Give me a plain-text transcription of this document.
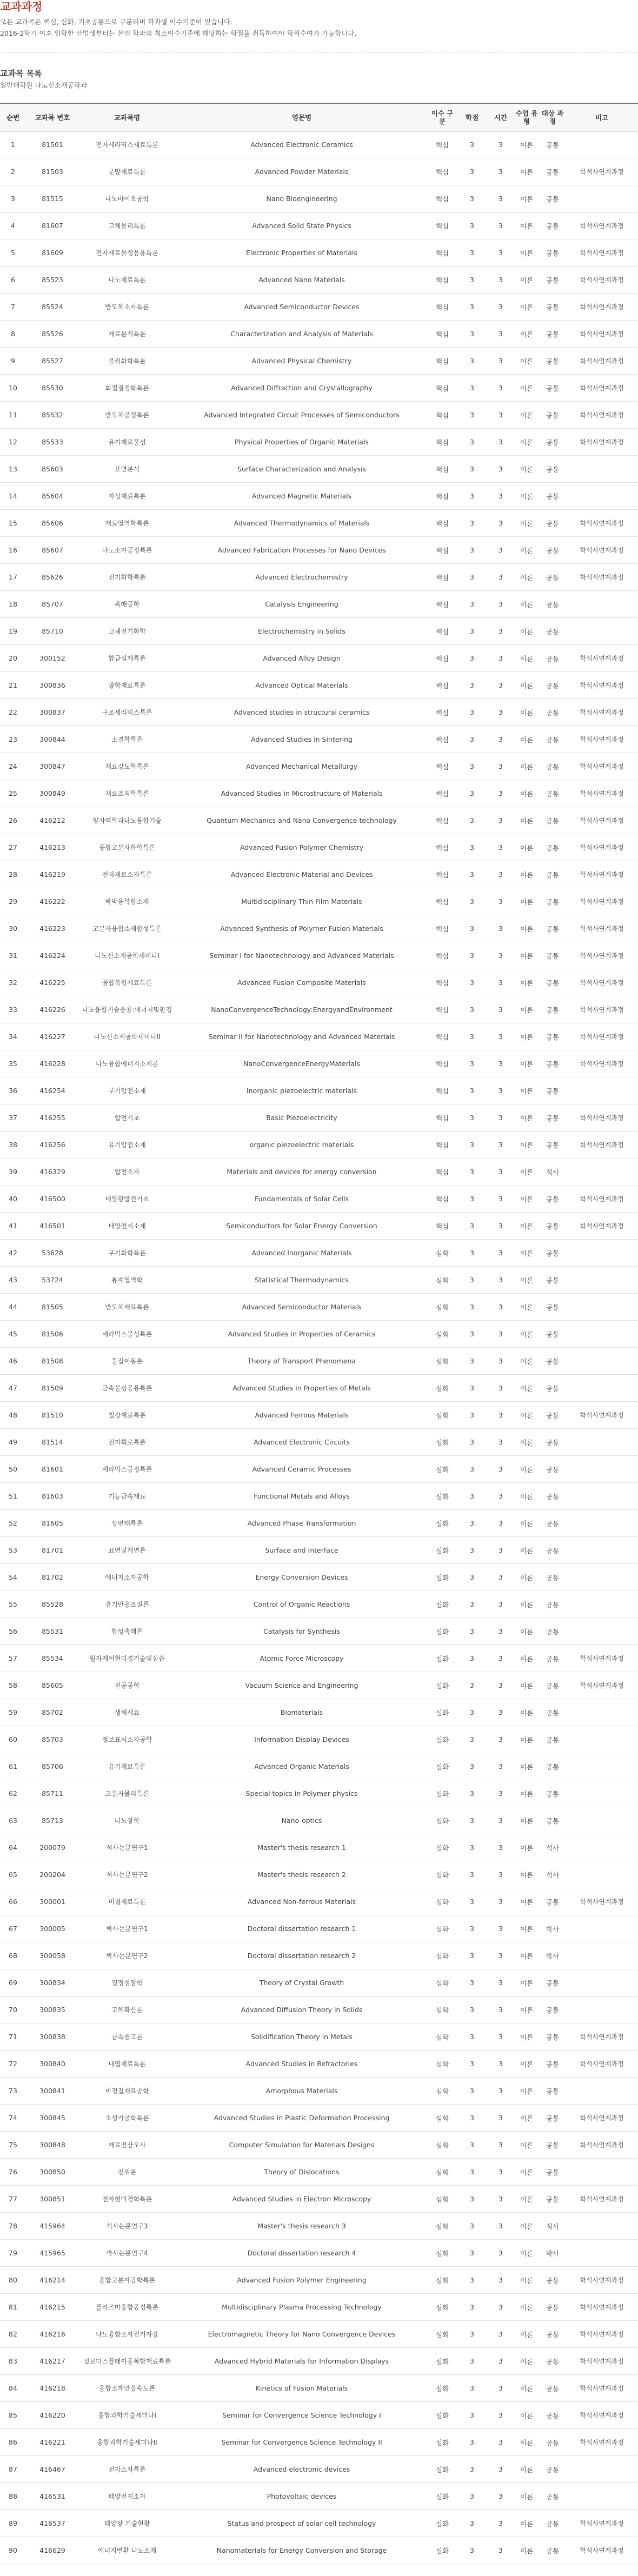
교과과정

모든 교과목은 핵심, 심화, 기초공통으로 구분되며 학과별 이수기준이 있습니다.

2016-2학기 이후 입학한 산업생부터는 본인 학과의 최소이수기준에 해당하는 학점을 취득하여야 학위수여가 가능합니다.

교과목 목록
일반대학원 나노신소재공학과
순번	교과목 번호	교과목명	영문명	이수 구분	학점	시간	수업 유형	대상 과정	비고
1	81501	전자세라믹스재료특론	Advanced Electronic Ceramics	핵심	3	3	이론	공통	
2	81503	분말재료특론	Advanced Powder Materials	핵심	3	3	이론	공통	학석사연계과정
3	81515	나노바이오공학	Nano Bioengineering	핵심	3	3	이론	공통	
4	81607	고체물리특론	Advanced Solid State Physics	핵심	3	3	이론	공통	학석사연계과정
5	81609	전자재료물성응용특론	Electronic Properties of Materials	핵심	3	3	이론	공통	학석사연계과정
6	85523	나노재료특론	Advanced Nano Materials	핵심	3	3	이론	공통	학석사연계과정
7	85524	반도체소자특론	Advanced Semiconductor Devices	핵심	3	3	이론	공통	학석사연계과정
8	85526	재료분석특론	Characterization and Analysis of Materials	핵심	3	3	이론	공통	학석사연계과정
9	85527	물리화학특론	Advanced Physical Chemistry	핵심	3	3	이론	공통	학석사연계과정
10	85530	회절결정학특론	Advanced Diffraction and Crystallography	핵심	3	3	이론	공통	학석사연계과정
11	85532	반도체공정특론	Advanced Integrated Circuit Processes of Semiconductors	핵심	3	3	이론	공통	학석사연계과정
12	85533	유기재료물성	Physical Properties of Organic Materials	핵심	3	3	이론	공통	학석사연계과정
13	85603	표면분석	Surface Characterization and Analysis	핵심	3	3	이론	공통	
14	85604	자성재료특론	Advanced Magnetic Materials	핵심	3	3	이론	공통	
15	85606	재료열역학특론	Advanced Thermodynamics of Materials	핵심	3	3	이론	공통	학석사연계과정
16	85607	나노소자공정특론	Advanced Fabrication Processes for Nano Devices	핵심	3	3	이론	공통	학석사연계과정
17	85626	전기화학특론	Advanced Electrochemistry	핵심	3	3	이론	공통	학석사연계과정
18	85707	촉매공학	Catalysis Engineering	핵심	3	3	이론	공통	
19	85710	고체전기화학	Electrochemistry in Solids	핵심	3	3	이론	공통	
20	300152	합금설계특론	Advanced Alloy Design	핵심	3	3	이론	공통	학석사연계과정
21	300836	광학재료특론	Advanced Optical Materials	핵심	3	3	이론	공통	학석사연계과정
22	300837	구조세라믹스특론	Advanced studies in structural ceramics	핵심	3	3	이론	공통	학석사연계과정
23	300844	소결학특론	Advanced Studies in Sintering	핵심	3	3	이론	공통	학석사연계과정
24	300847	재료강도학특론	Advanced Mechanical Metallurgy	핵심	3	3	이론	공통	학석사연계과정
25	300849	재료조직학특론	Advanced Studies in Microstructure of Materials	핵심	3	3	이론	공통	학석사연계과정
26	416212	양자역학과나노융합기술	Quantum Mechanics and Nano Convergence technology	핵심	3	3	이론	공통	학석사연계과정
27	416213	융합고분자화학특론	Advanced Fusion Polymer Chemistry	핵심	3	3	이론	공통	학석사연계과정
28	416219	전자재료소자특론	Advanced Electronic Material and Devices	핵심	3	3	이론	공통	학석사연계과정
29	416222	박막융복합소재	Multidisciplinary Thin Film Materials	핵심	3	3	이론	공통	학석사연계과정
30	416223	고분자융합소재합성특론	Advanced Synthesis of Polymer Fusion Materials	핵심	3	3	이론	공통	학석사연계과정
31	416224	나노신소재공학세미나I	Seminar I for Nanotechnology and Advanced Materials	핵심	3	3	이론	공통	학석사연계과정
32	416225	융합복합재료특론	Advanced Fusion Composite Materials	핵심	3	3	이론	공통	학석사연계과정
33	416226	나노융합기술응용:에너지및환경	NanoConvergenceTechnology:EnergyandEnvironment	핵심	3	3	이론	공통	학석사연계과정
34	416227	나노신소재공학세미나II	Seminar II for Nanotechnology and Advanced Materials	핵심	3	3	이론	공통	학석사연계과정
35	416228	나노융합에너지소재론	NanoConvergenceEnergyMaterials	핵심	3	3	이론	공통	학석사연계과정
36	416254	무기압전소재	Inorganic piezoelectric materials	핵심	3	3	이론	공통	
37	416255	압전기초	Basic Piezoelectricity	핵심	3	3	이론	공통	학석사연계과정
38	416256	유기압전소재	organic piezoelectric materials	핵심	3	3	이론	공통	학석사연계과정
39	416329	압전소자	Materials and devices for energy conversion	핵심	3	3	이론	석사	
40	416500	태양광발전기초	Fundamentals of Solar Cells	핵심	3	3	이론	공통	학석사연계과정
41	416501	태양전지소재	Semiconductors for Solar Energy Conversion	핵심	3	3	이론	공통	학석사연계과정
42	53628	무기화학특론	Advanced Inorganic Materials	심화	3	3	이론	공통	
43	53724	통계열역학	Statistical Thermodynamics	심화	3	3	이론	공통	
44	81505	반도체재료특론	Advanced Semiconductor Materials	심화	3	3	이론	공통	
45	81506	세라믹스물성특론	Advanced Studies in Properties of Ceramics	심화	3	3	이론	공통	
46	81508	물질이동론	Theory of Transport Phenomena	심화	3	3	이론	공통	
47	81509	금속물성응용특론	Advanced Studies in Properties of Metals	심화	3	3	이론	공통	
48	81510	철강재료특론	Advanced Ferrous Materials	심화	3	3	이론	공통	학석사연계과정
49	81514	전자회로특론	Advanced Electronic Circuits	심화	3	3	이론	공통	
50	81601	세라믹스공정특론	Advanced Ceramic Processes	심화	3	3	이론	공통	
51	81603	기능금속재료	Functional Metals and Alloys	심화	3	3	이론	공통	
52	81605	상변태특론	Advanced Phase Transformation	심화	3	3	이론	공통	
53	81701	표면및계면론	Surface and Interface	심화	3	3	이론	공통	
54	81702	에너지소자공학	Energy Conversion Devices	심화	3	3	이론	공통	
55	85528	유기반응조절론	Control of Organic Reactions	심화	3	3	이론	공통	
56	85531	합성촉매론	Catalysis for Synthesis	심화	3	3	이론	공통	
57	85534	원자제어현미경기술및실습	Atomic Force Microscopy	심화	3	3	이론	공통	학석사연계과정
58	85605	진공공학	Vacuum Science and Engineering	심화	3	3	이론	공통	학석사연계과정
59	85702	생체재료	Biomaterials	심화	3	3	이론	공통	
60	85703	정보표시소자공학	Information Display Devices	심화	3	3	이론	공통	
61	85706	유기재료특론	Advanced Organic Materials	심화	3	3	이론	공통	
62	85711	고분자물리특론	Special topics in Polymer physics	심화	3	3	이론	공통	
63	85713	나노광학	Nano-optics	심화	3	3	이론	공통	
64	200079	석사논문연구1	Master's thesis research 1	심화	3	3	이론	석사	
65	200204	석사논문연구2	Master's thesis research 2	심화	3	3	이론	석사	
66	300001	비철재료특론	Advanced Non-ferrous Materials	심화	3	3	이론	공통	학석사연계과정
67	300005	박사논문연구1	Doctoral dissertation research 1	심화	3	3	이론	박사	
68	300058	박사논문연구2	Doctoral dissertation research 2	심화	3	3	이론	박사	
69	300834	결정성장학	Theory of Crystal Growth	심화	3	3	이론	공통	
70	300835	고체확산론	Advanced Diffusion Theory in Solids	심화	3	3	이론	공통	
71	300838	금속응고론	Solidification Theory in Metals	심화	3	3	이론	공통	학석사연계과정
72	300840	내열재료특론	Advanced Studies in Refractories	심화	3	3	이론	공통	학석사연계과정
73	300841	비정질재료공학	Amorphous Materials	심화	3	3	이론	공통	
74	300845	소성가공학특론	Advanced Studies in Plastic Deformation Processing	심화	3	3	이론	공통	학석사연계과정
75	300848	재료전산모사	Computer Simulation for Materials Designs	심화	3	3	이론	공통	학석사연계과정
76	300850	전위론	Theory of Dislocations	심화	3	3	이론	공통	
77	300851	전자현미경학특론	Advanced Studies in Electron Microscopy	심화	3	3	이론	공통	학석사연계과정
78	415964	석사논문연구3	Master's thesis research 3	심화	3	3	이론	석사	
79	415965	박사논문연구4	Doctoral dissertation research 4	심화	3	3	이론	박사	
80	416214	융합고분자공학특론	Advanced Fusion Polymer Engineering	심화	3	3	이론	공통	학석사연계과정
81	416215	플라즈마융합공정특론	Multidisciplinary Plasma Processing Technology	심화	3	3	이론	공통	학석사연계과정
82	416216	나노융합소자전기자장	Electromagnetic Theory for Nano Convergence Devices	심화	3	3	이론	공통	학석사연계과정
83	416217	정보디스플레이융복합재료특론	Advanced Hybrid Materials for Information Displays	심화	3	3	이론	공통	학석사연계과정
84	416218	융합소재반응속도론	Kinetics of Fusion Materials	심화	3	3	이론	공통	학석사연계과정
85	416220	융합과학기술세미나I	Seminar for Convergence Science Technology I	심화	3	3	이론	공통	학석사연계과정
86	416221	융합과학기술세미나II	Seminar for Convergence Science Technology II	심화	3	3	이론	공통	학석사연계과정
87	416467	전자소자특론	Advanced electronic devices	심화	3	3	이론	공통	
88	416531	태양전지소자	Photovoltaic devices	심화	3	3	이론	공통	
89	416537	태양광 기술현황	Status and prospect of solar cell technology	심화	3	3	이론	공통	학석사연계과정
90	416629	에너지변환 나노소재	Nanomaterials for Energy Conversion and Storage	심화	3	3	이론	공통	학석사연계과정
